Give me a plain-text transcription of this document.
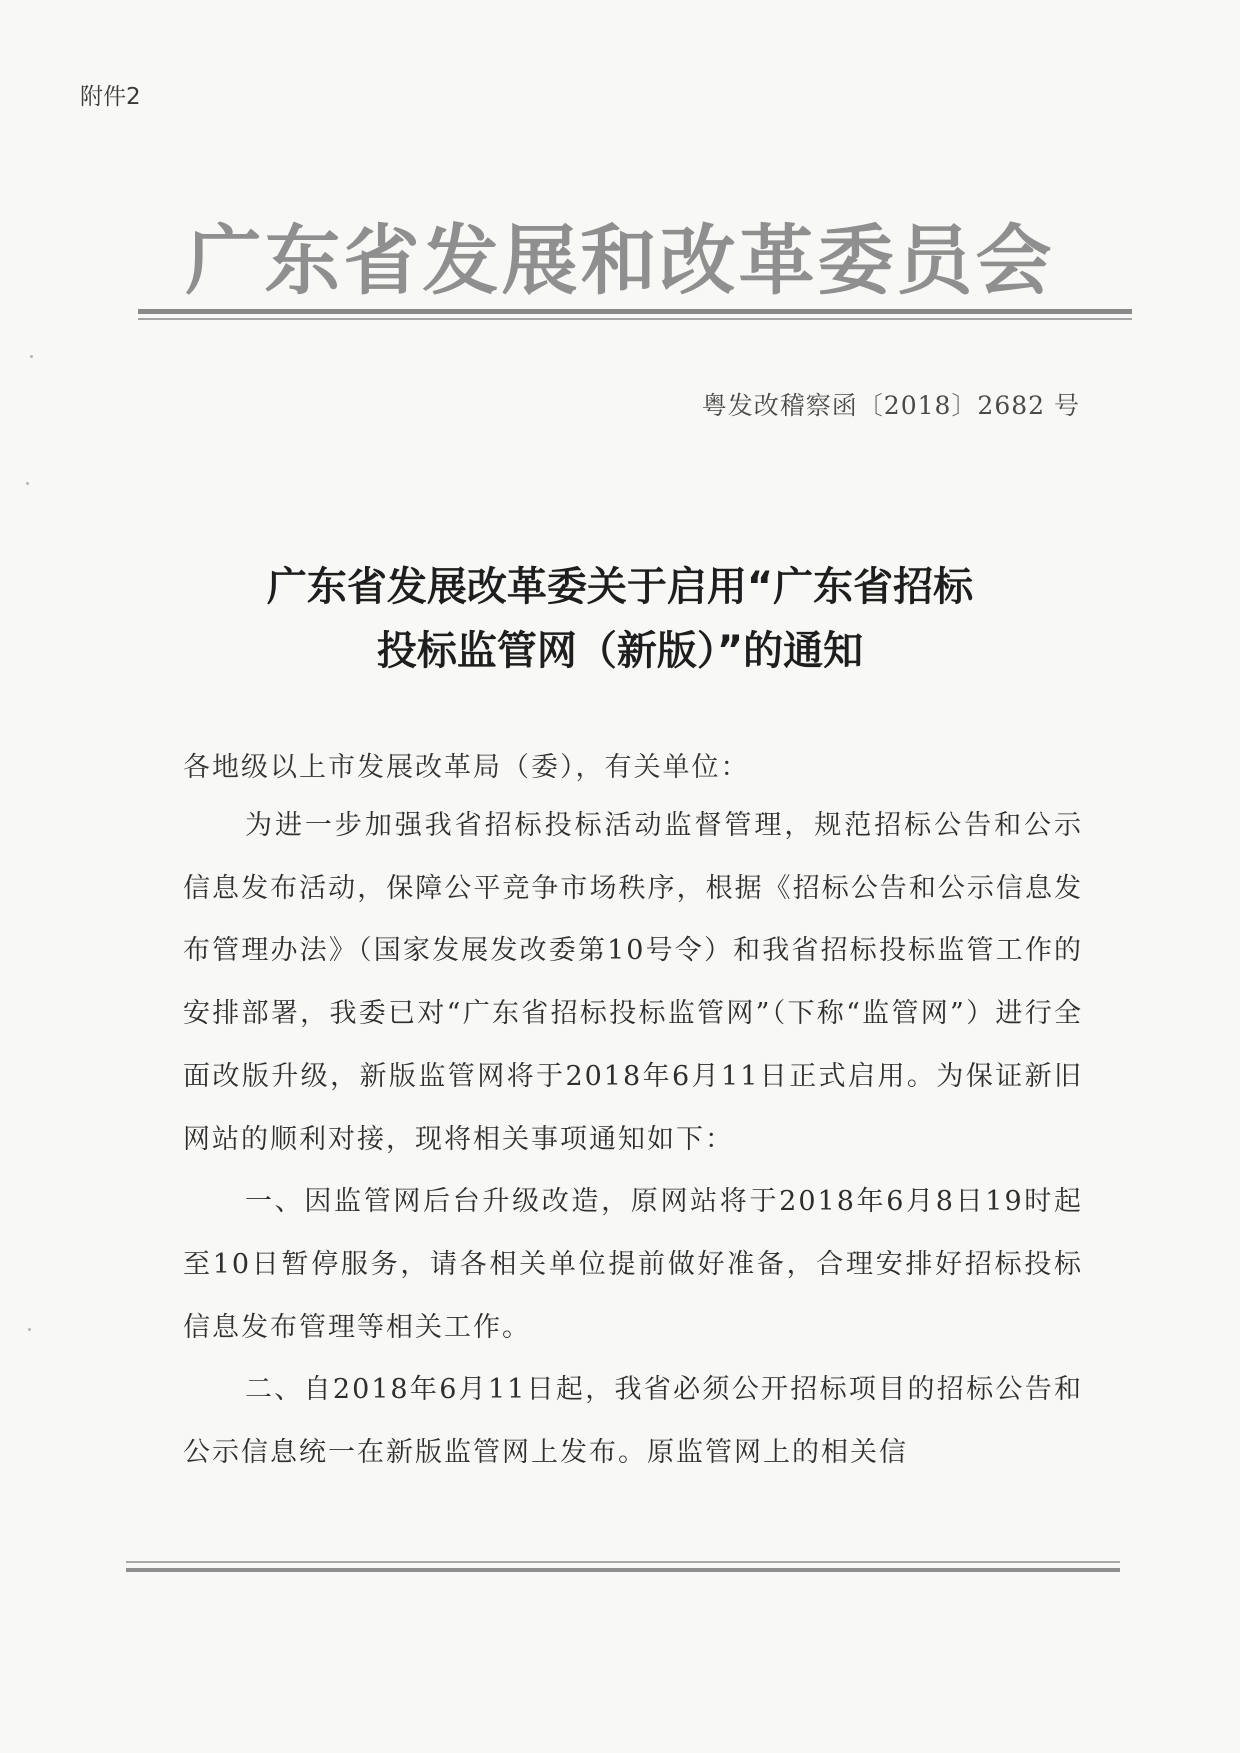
附件2
广东省发展和改革委员会
粤发改稽察函〔2018〕2682 号
广东省发展改革委关于启用“广东省招标
投标监管网（新版）”的通知
各地级以上市发展改革局（委），有关单位：

为进一步加强我省招标投标活动监督管理，规范招标公告和公示信息发布活动，保障公平竞争市场秩序，根据《招标公告和公示信息发布管理办法》（国家发展发改委第10号令）和我省招标投标监管工作的安排部署，我委已对“广东省招标投标监管网”（下称“监管网”）进行全面改版升级，新版监管网将于2018年6月11日正式启用。为保证新旧网站的顺利对接，现将相关事项通知如下：

一、因监管网后台升级改造，原网站将于2018年6月8日19时起至10日暂停服务，请各相关单位提前做好准备，合理安排好招标投标信息发布管理等相关工作。

二、自2018年6月11日起，我省必须公开招标项目的招标公告和公示信息统一在新版监管网上发布。原监管网上的相关信
